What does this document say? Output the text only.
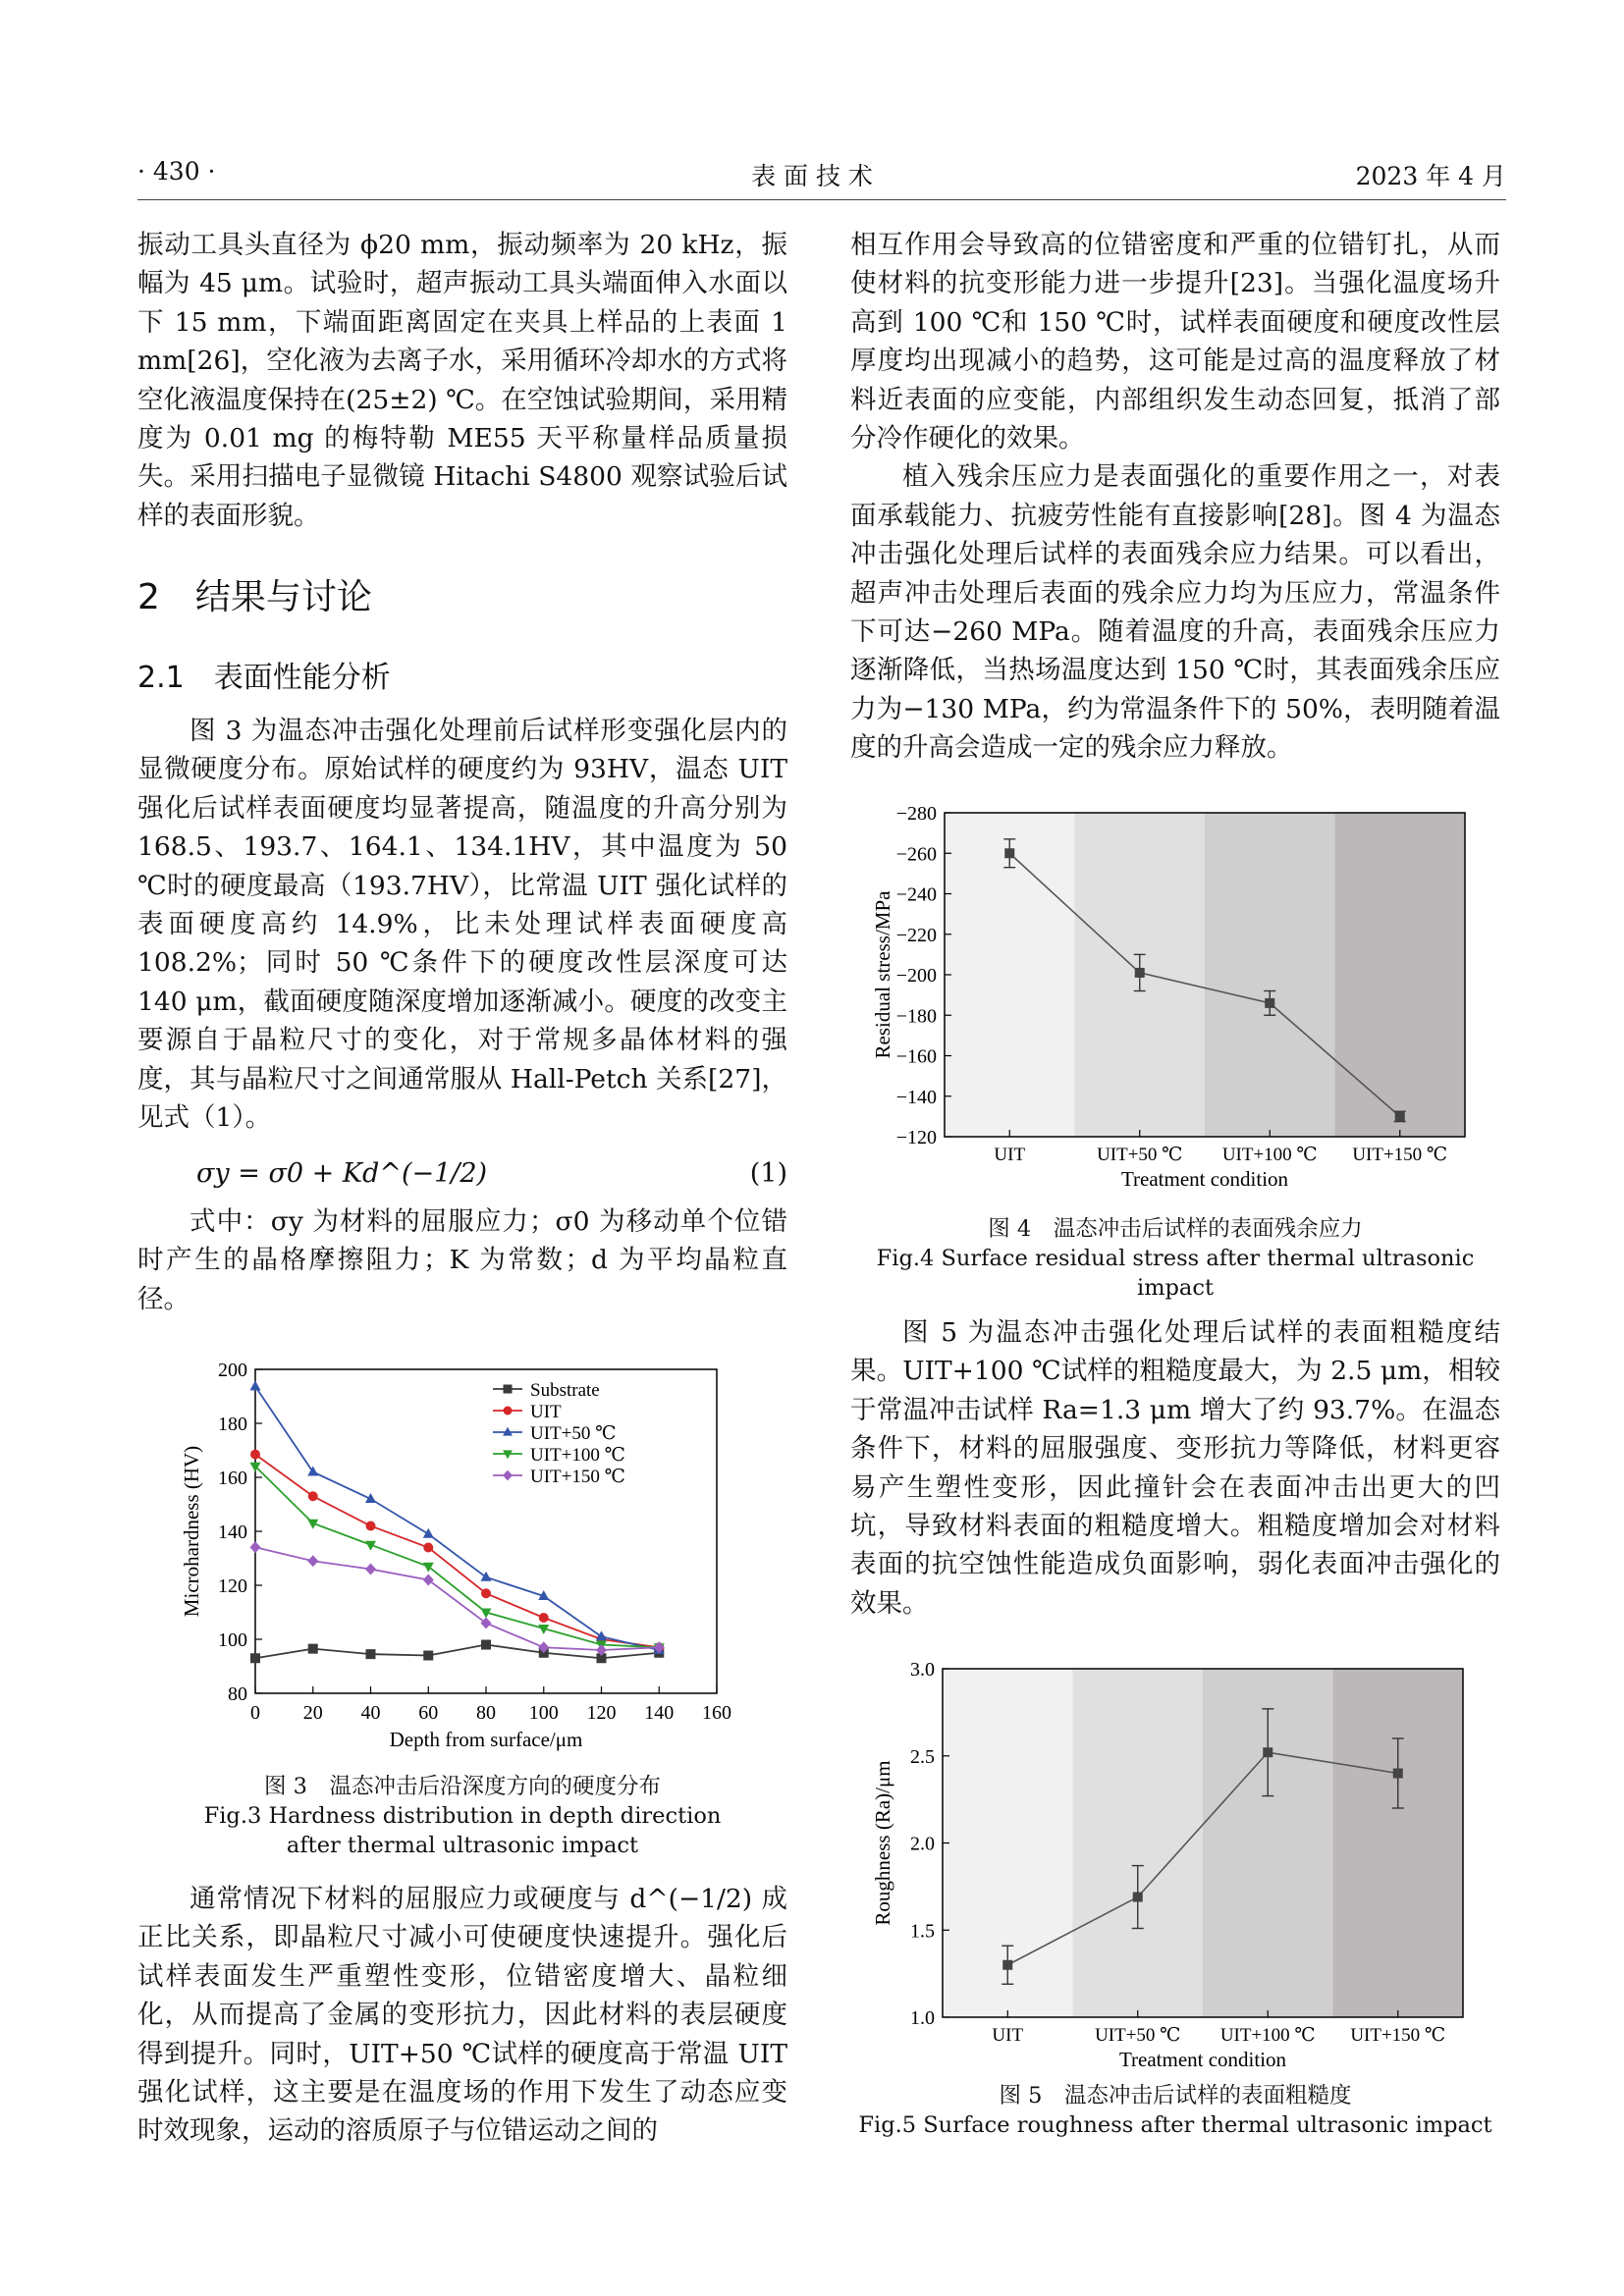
· 430 ·	表 面 技 术	2023 年 4 月

振动工具头直径为 ϕ20 mm，振动频率为 20 kHz，振幅为 45 μm。试验时，超声振动工具头端面伸入水面以下 15 mm，下端面距离固定在夹具上样品的上表面 1 mm[26]，空化液为去离子水，采用循环冷却水的方式将空化液温度保持在(25±2) ℃。在空蚀试验期间，采用精度为 0.01 mg 的梅特勒 ME55 天平称量样品质量损失。采用扫描电子显微镜 Hitachi S4800 观察试验后试样的表面形貌。

2　结果与讨论
2.1　表面性能分析

图 3 为温态冲击强化处理前后试样形变强化层内的显微硬度分布。原始试样的硬度约为 93HV，温态 UIT 强化后试样表面硬度均显著提高，随温度的升高分别为 168.5、193.7、164.1、134.1HV，其中温度为 50 ℃时的硬度最高（193.7HV），比常温 UIT 强化试样的表面硬度高约 14.9%，比未处理试样表面硬度高 108.2%；同时 50 ℃条件下的硬度改性层深度可达 140 μm，截面硬度随深度增加逐渐减小。硬度的改变主要源自于晶粒尺寸的变化，对于常规多晶体材料的强度，其与晶粒尺寸之间通常服从 Hall-Petch 关系[27]，见式（1）。

σy = σ0 + Kd^(−1/2)	(1)

式中：σy 为材料的屈服应力；σ0 为移动单个位错时产生的晶格摩擦阻力；K 为常数；d 为平均晶粒直径。

80
100
120
140
160
180
200
0 20 40 60 80 100 120 140 160
Depth from surface/μm
Microhardness (HV)
Substrate
UIT
UIT+50 ℃
UIT+100 ℃
UIT+150 ℃
图 3　温态冲击后沿深度方向的硬度分布
Fig.3 Hardness distribution in depth direction
after thermal ultrasonic impact

通常情况下材料的屈服应力或硬度与 d^(−1/2) 成正比关系，即晶粒尺寸减小可使硬度快速提升。强化后试样表面发生严重塑性变形，位错密度增大、晶粒细化，从而提高了金属的变形抗力，因此材料的表层硬度得到提升。同时，UIT+50 ℃试样的硬度高于常温 UIT 强化试样，这主要是在温度场的作用下发生了动态应变时效现象，运动的溶质原子与位错运动之间的

相互作用会导致高的位错密度和严重的位错钉扎，从而使材料的抗变形能力进一步提升[23]。当强化温度场升高到 100 ℃和 150 ℃时，试样表面硬度和硬度改性层厚度均出现减小的趋势，这可能是过高的温度释放了材料近表面的应变能，内部组织发生动态回复，抵消了部分冷作硬化的效果。

植入残余压应力是表面强化的重要作用之一，对表面承载能力、抗疲劳性能有直接影响[28]。图 4 为温态冲击强化处理后试样的表面残余应力结果。可以看出，超声冲击处理后表面的残余应力均为压应力，常温条件下可达−260 MPa。随着温度的升高，表面残余压应力逐渐降低，当热场温度达到 150 ℃时，其表面残余压应力为−130 MPa，约为常温条件下的 50%，表明随着温度的升高会造成一定的残余应力释放。

−280
−260
−240
−220
−200
−180
−160
−140
−120
UIT	UIT+50 ℃ UIT+100 ℃ UIT+150 ℃
Treatment condition
Residual stress/MPa
图 4　温态冲击后试样的表面残余应力
Fig.4 Surface residual stress after thermal ultrasonic impact

图 5 为温态冲击强化处理后试样的表面粗糙度结果。UIT+100 ℃试样的粗糙度最大，为 2.5 μm，相较于常温冲击试样 Ra=1.3 μm 增大了约 93.7%。在温态条件下，材料的屈服强度、变形抗力等降低，材料更容易产生塑性变形，因此撞针会在表面冲击出更大的凹坑，导致材料表面的粗糙度增大。粗糙度增加会对材料表面的抗空蚀性能造成负面影响，弱化表面冲击强化的效果。

1.0
1.5
2.0
2.5
3.0
UIT	UIT+50 ℃ UIT+100 ℃ UIT+150 ℃
Treatment condition
Roughness (Ra)/μm
图 5　温态冲击后试样的表面粗糙度
Fig.5 Surface roughness after thermal ultrasonic impact
